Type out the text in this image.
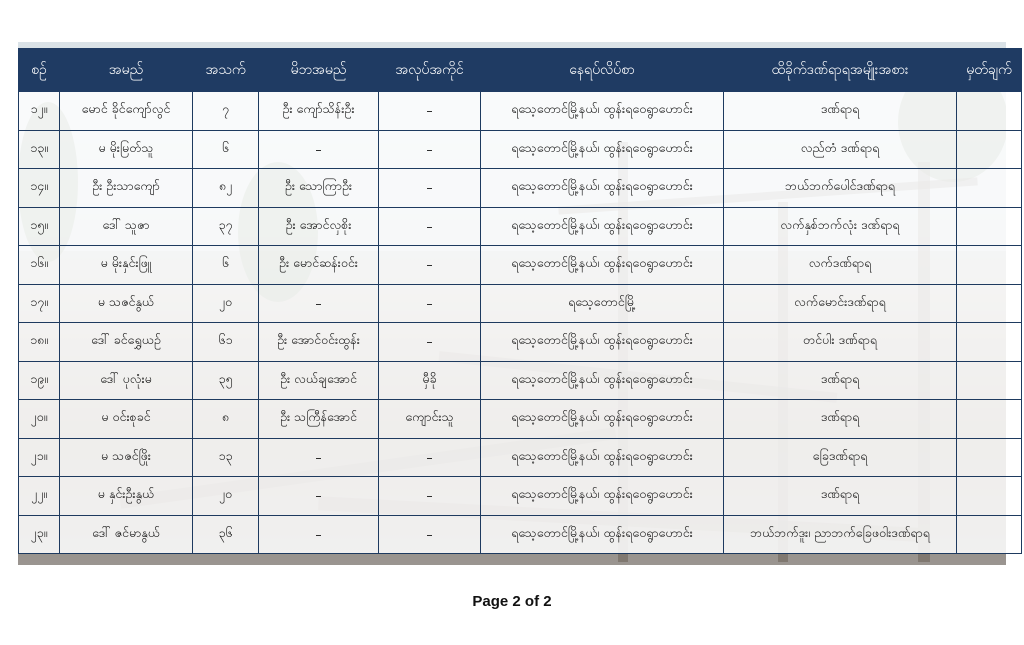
စဉ်	အမည်	အသက်	မိဘအမည်	အလုပ်အကိုင်	နေရပ်လိပ်စာ	ထိခိုက်ဒဏ်ရာရအမျိုးအစား	မှတ်ချက်
၁၂။	မောင် ခိုင်ကျော်လွင်	၇	ဦး ကျော်သိန်းဦး	–	ရသေ့တောင်မြို့နယ်၊ ထွန်းရဝေရွာဟောင်း	ဒဏ်ရာရ	
၁၃။	မ မိုးမြတ်သူ	၆	–	–	ရသေ့တောင်မြို့နယ်၊ ထွန်းရဝေရွာဟောင်း	လည်တံ ဒဏ်ရာရ	
၁၄။	ဦး ဦးသာကျော်	၈၂	ဦး သောကြာဦး	–	ရသေ့တောင်မြို့နယ်၊ ထွန်းရဝေရွာဟောင်း	ဘယ်ဘက်ပေါင်ဒဏ်ရာရ	
၁၅။	ဒေါ် သူဇာ	၃၇	ဦး အောင်လှစိုး	–	ရသေ့တောင်မြို့နယ်၊ ထွန်းရဝေရွာဟောင်း	လက်နှစ်ဘက်လုံး ဒဏ်ရာရ	
၁၆။	မ မိုးနှင်းဖြူ	၆	ဦး မောင်ဆန်းဝင်း	–	ရသေ့တောင်မြို့နယ်၊ ထွန်းရဝေရွာဟောင်း	လက်ဒဏ်ရာရ	
၁၇။	မ သဇင်နွယ်	၂၀	–	–	ရသေ့တောင်မြို့	လက်မောင်းဒဏ်ရာရ	
၁၈။	ဒေါ် ခင်ရွှေယဉ်	၆၁	ဦး အောင်ဝင်းထွန်း	–	ရသေ့တောင်မြို့နယ်၊ ထွန်းရဝေရွာဟောင်း	တင်ပါး ဒဏ်ရာရ	
၁၉။	ဒေါ် ပုလုံးမ	၃၅	ဦး လယ်ချအောင်	မှီခို	ရသေ့တောင်မြို့နယ်၊ ထွန်းရဝေရွာဟောင်း	ဒဏ်ရာရ	
၂၀။	မ ဝင်းစုခင်	၈	ဦး သကြီန်အောင်	ကျောင်းသူ	ရသေ့တောင်မြို့နယ်၊ ထွန်းရဝေရွာဟောင်း	ဒဏ်ရာရ	
၂၁။	မ သဇင်ဖြိုး	၁၃	–	–	ရသေ့တောင်မြို့နယ်၊ ထွန်းရဝေရွာဟောင်း	ခြေဒဏ်ရာရ	
၂၂။	မ နှင်းဦးနွယ်	၂၀	–	–	ရသေ့တောင်မြို့နယ်၊ ထွန်းရဝေရွာဟောင်း	ဒဏ်ရာရ	
၂၃။	ဒေါ် ဇင်မာနွယ်	၃၆	–	–	ရသေ့တောင်မြို့နယ်၊ ထွန်းရဝေရွာဟောင်း	ဘယ်ဘက်ဒူး၊ ညာဘက်ခြေဖဝါးဒဏ်ရာရ	
Page 2 of 2
